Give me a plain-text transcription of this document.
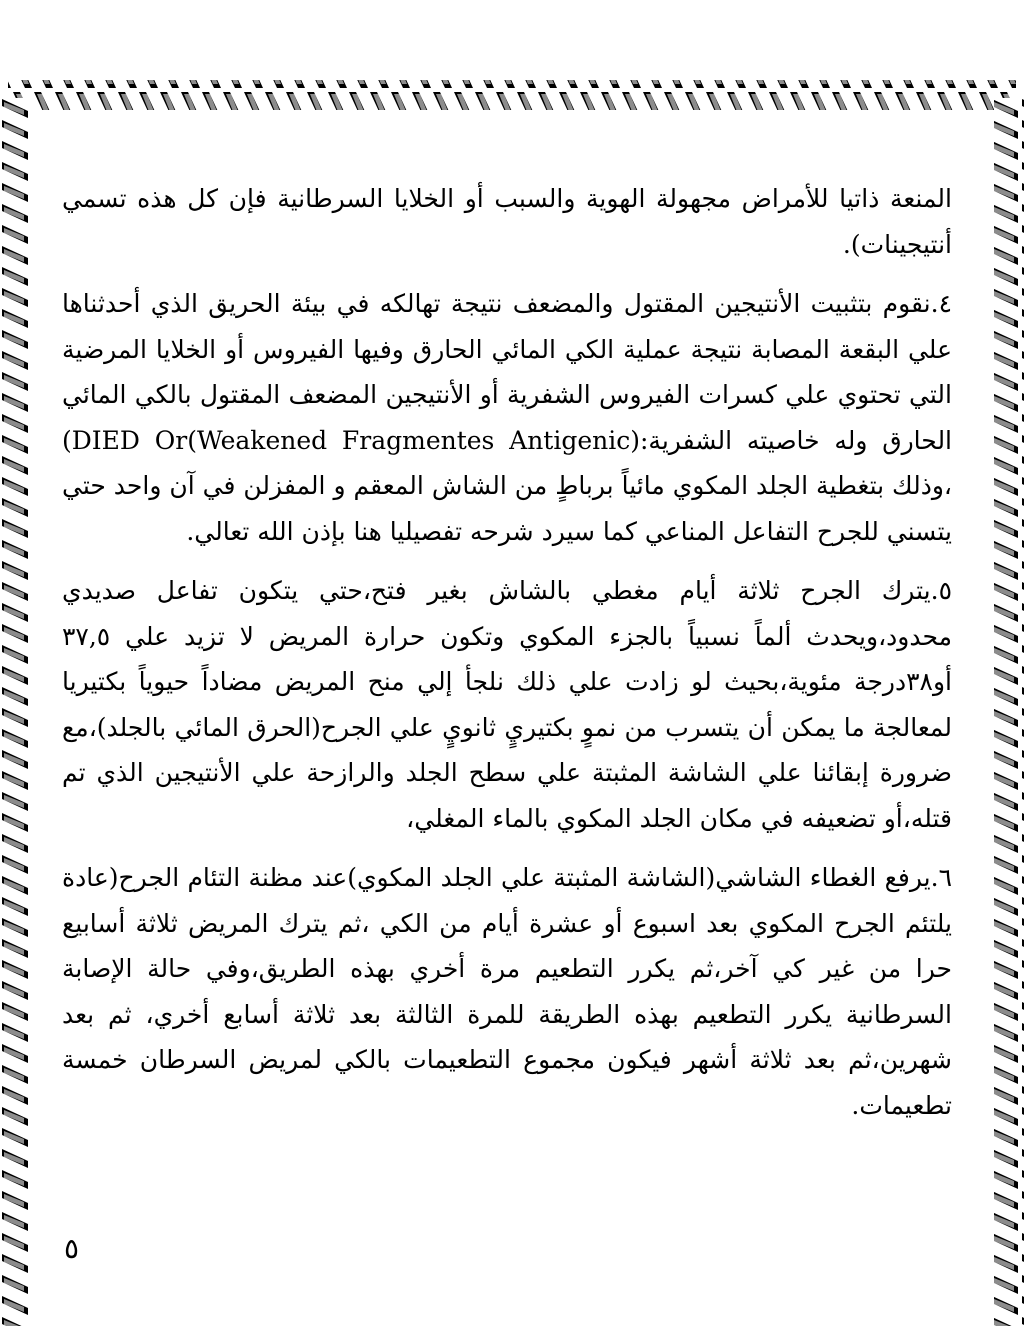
المنعة ذاتيا للأمراض مجهولة الهوية والسبب أو الخلايا السرطانية فإن كل هذه تسمي أنتيجينات).

٤.نقوم بتثبيت الأنتيجين المقتول والمضعف نتيجة تهالكه في بيئة الحريق الذي أحدثناها علي البقعة المصابة نتيجة عملية الكي المائي الحارق وفيها الفيروس أو الخلايا المرضية التي تحتوي علي كسرات الفيروس الشفرية أو الأنتيجين المضعف المقتول بالكي المائي الحارق وله خاصيته الشفرية:(Weakened Fragmentes Antigenic)DIED Or) ،وذلك بتغطية الجلد المكوي مائياً برباطٍ من الشاش المعقم و المفزلن في آن واحد حتي يتسني للجرح التفاعل المناعي كما سيرد شرحه تفصيليا هنا بإذن الله تعالي.

٥.يترك الجرح ثلاثة أيام مغطي بالشاش بغير فتح،حتي يتكون تفاعل صديدي محدود،ويحدث ألماً نسبياً بالجزء المكوي وتكون حرارة المريض لا تزيد علي ٣٧,٥ أو٣٨درجة مئوية،بحيث لو زادت علي ذلك نلجأ إلي منح المريض مضاداً حيوياً بكتيريا لمعالجة ما يمكن أن يتسرب من نموٍ بكتيريٍ ثانويٍ علي الجرح(الحرق المائي بالجلد)،مع ضرورة إبقائنا علي الشاشة المثبتة علي سطح الجلد والرازحة علي الأنتيجين الذي تم قتله،أو تضعيفه في مكان الجلد المكوي بالماء المغلي،

٦.يرفع الغطاء الشاشي(الشاشة المثبتة علي الجلد المكوي)عند مظنة التئام الجرح(عادة يلتئم الجرح المكوي بعد اسبوع أو عشرة أيام من الكي ،ثم يترك المريض ثلاثة أسابيع حرا من غير كي آخر،ثم يكرر التطعيم مرة أخري بهذه الطريق،وفي حالة الإصابة السرطانية يكرر التطعيم بهذه الطريقة للمرة الثالثة بعد ثلاثة أسابع أخري، ثم بعد شهرين،ثم بعد ثلاثة أشهر فيكون مجموع التطعيمات بالكي لمريض السرطان خمسة تطعيمات.

٥
